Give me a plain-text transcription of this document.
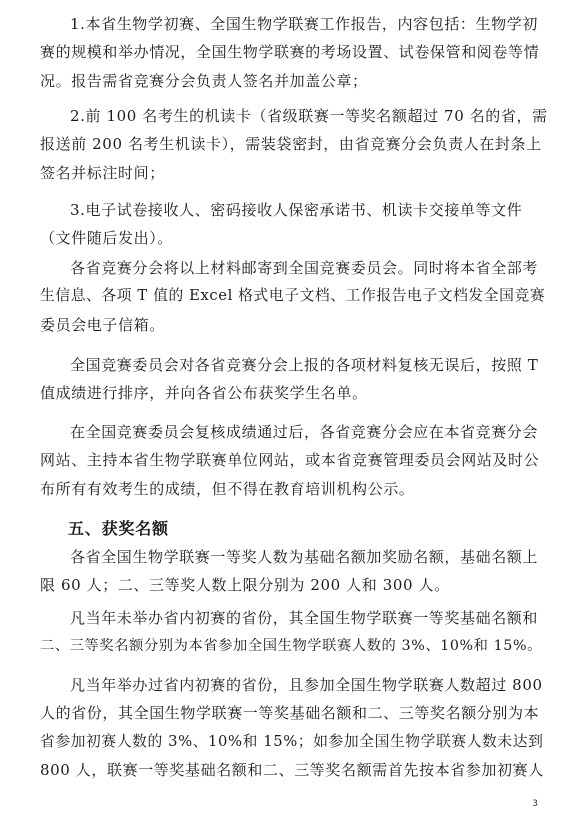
1.本省生物学初赛、全国生物学联赛工作报告，内容包括：生物学初

赛的规模和举办情况，全国生物学联赛的考场设置、试卷保管和阅卷等情

况。报告需省竞赛分会负责人签名并加盖公章；

2.前 100 名考生的机读卡（省级联赛一等奖名额超过 70 名的省，需

报送前 200 名考生机读卡），需装袋密封，由省竞赛分会负责人在封条上

签名并标注时间；

3.电子试卷接收人、密码接收人保密承诺书、机读卡交接单等文件

（文件随后发出）。

各省竞赛分会将以上材料邮寄到全国竞赛委员会。同时将本省全部考

生信息、各项 T 值的 Excel 格式电子文档、工作报告电子文档发全国竞赛

委员会电子信箱。

全国竞赛委员会对各省竞赛分会上报的各项材料复核无误后，按照 T

值成绩进行排序，并向各省公布获奖学生名单。

在全国竞赛委员会复核成绩通过后，各省竞赛分会应在本省竞赛分会

网站、主持本省生物学联赛单位网站，或本省竞赛管理委员会网站及时公

布所有有效考生的成绩，但不得在教育培训机构公示。

五、获奖名额

各省全国生物学联赛一等奖人数为基础名额加奖励名额，基础名额上

限 60 人；二、三等奖人数上限分别为 200 人和 300 人。

凡当年未举办省内初赛的省份，其全国生物学联赛一等奖基础名额和

二、三等奖名额分别为本省参加全国生物学联赛人数的 3%、10%和 15%。

凡当年举办过省内初赛的省份，且参加全国生物学联赛人数超过 800

人的省份，其全国生物学联赛一等奖基础名额和二、三等奖名额分别为本

省参加初赛人数的 3%、10%和 15%；如参加全国生物学联赛人数未达到

800 人，联赛一等奖基础名额和二、三等奖名额需首先按本省参加初赛人

3
